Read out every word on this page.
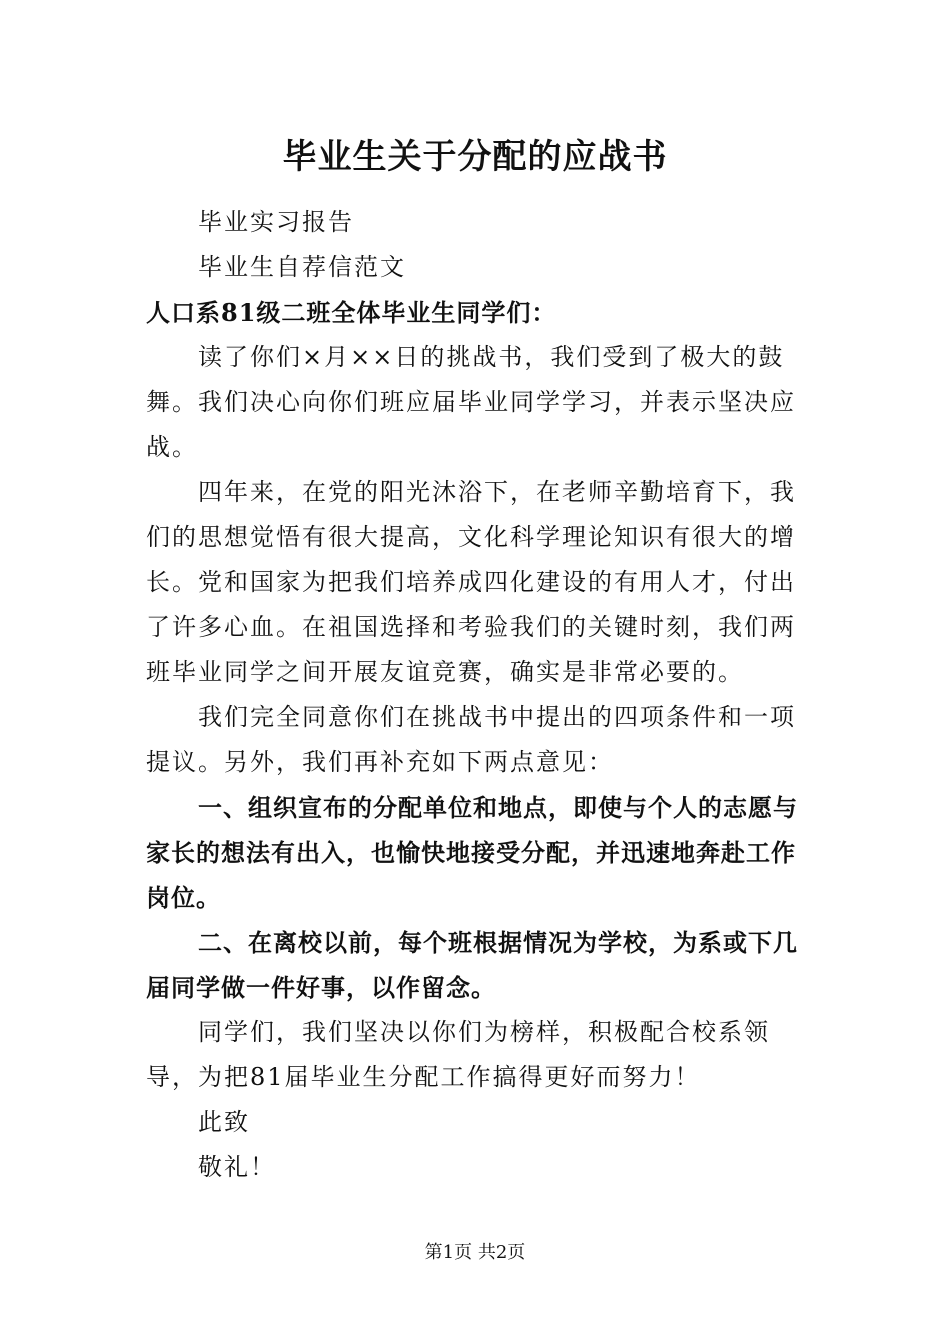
毕业生关于分配的应战书

毕业实习报告

毕业生自荐信范文

人口系81级二班全体毕业生同学们：

读了你们×月××日的挑战书，我们受到了极大的鼓舞。我们决心向你们班应届毕业同学学习，并表示坚决应战。

四年来，在党的阳光沐浴下，在老师辛勤培育下，我们的思想觉悟有很大提高，文化科学理论知识有很大的增长。党和国家为把我们培养成四化建设的有用人才，付出了许多心血。在祖国选择和考验我们的关键时刻，我们两班毕业同学之间开展友谊竞赛，确实是非常必要的。

我们完全同意你们在挑战书中提出的四项条件和一项提议。另外，我们再补充如下两点意见：

一、组织宣布的分配单位和地点，即使与个人的志愿与家长的想法有出入，也愉快地接受分配，并迅速地奔赴工作岗位。

二、在离校以前，每个班根据情况为学校，为系或下几届同学做一件好事，以作留念。

同学们，我们坚决以你们为榜样，积极配合校系领导，为把81届毕业生分配工作搞得更好而努力！

此致

敬礼！

第1页 共2页
